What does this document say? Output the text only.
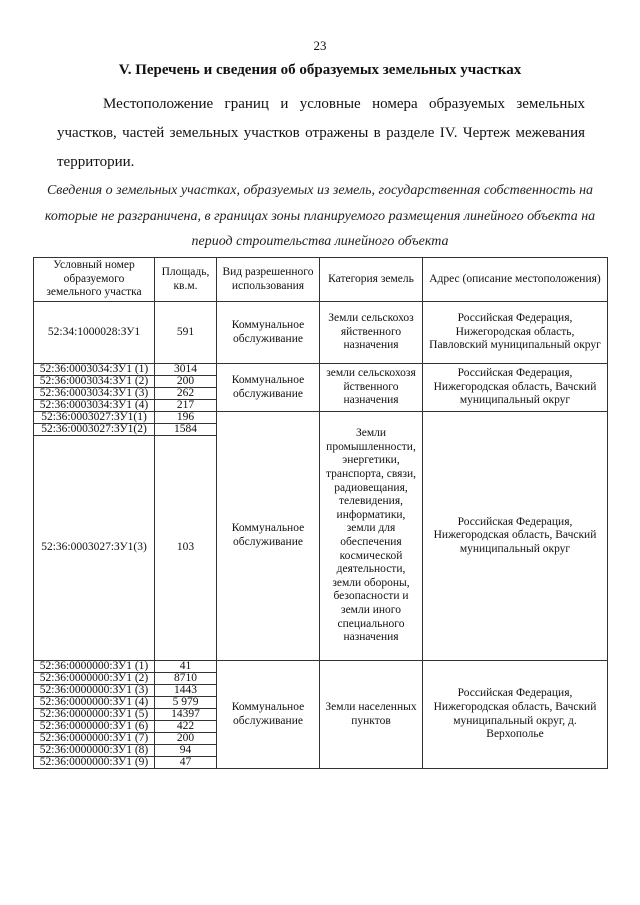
23
V. Перечень и сведения об образуемых земельных участках
Местоположение границ и условные номера образуемых земельных
участков, частей земельных участков отражены в разделе IV. Чертеж межевания
территории.
Сведения о земельных участках, образуемых из земель, государственная собственность на которые не разграничена, в границах зоны планируемого размещения линейного объекта на период строительства линейного объекта
Условный номер образуемого земельного участка	Площадь, кв.м.	Вид разрешенного использования	Категория земель	Адрес (описание местоположения)
52:34:1000028:ЗУ1	591	Коммунальное обслуживание	Земли сельскохоз яйственного назначения	Российская Федерация, Нижегородская область, Павловский муниципальный округ
52:36:0003034:ЗУ1 (1)	3014	Коммунальное обслуживание	земли сельскохозя йственного назначения	Российская Федерация, Нижегородская область, Вачский муниципальный округ
52:36:0003034:ЗУ1 (2)	200			
52:36:0003034:ЗУ1 (3)	262			
52:36:0003034:ЗУ1 (4)	217			
52:36:0003027:ЗУ1(1)	196	Коммунальное обслуживание	Земли промышленности, энергетики, транспорта, связи, радиовещания, телевидения, информатики, земли для обеспечения космической деятельности, земли обороны, безопасности и земли иного специального назначения	Российская Федерация, Нижегородская область, Вачский муниципальный округ
52:36:0003027:ЗУ1(2)	1584			
52:36:0003027:ЗУ1(3)	103			
52:36:0000000:ЗУ1 (1)	41	Коммунальное обслуживание	Земли населенных пунктов	Российская Федерация, Нижегородская область, Вачский муниципальный округ, д. Верхополье
52:36:0000000:ЗУ1 (2)	8710			
52:36:0000000:ЗУ1 (3)	1443			
52:36:0000000:ЗУ1 (4)	5 979			
52:36:0000000:ЗУ1 (5)	14397			
52:36:0000000:ЗУ1 (6)	422			
52:36:0000000:ЗУ1 (7)	200			
52:36:0000000:ЗУ1 (8)	94			
52:36:0000000:ЗУ1 (9)	47			
